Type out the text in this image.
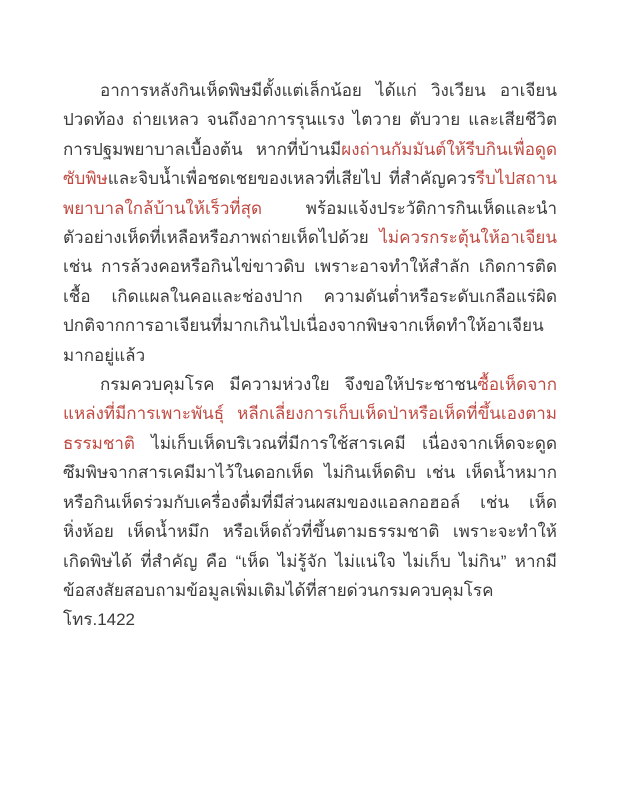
อาการหลังกินเห็ดพิษมีตั้งแต่เล็กน้อย ได้แก่ วิงเวียน อาเจียน ปวดท้อง ถ่ายเหลว จนถึงอาการรุนแรง ไตวาย ตับวาย และเสียชีวิต การปฐมพยาบาลเบื้องต้น หากที่บ้านมีผงถ่านกัมมันต์ให้รีบกินเพื่อดูดซับพิษและจิบน้ำเพื่อชดเชยของเหลวที่เสียไป ที่สำคัญควรรีบไปสถานพยาบาลใกล้บ้านให้เร็วที่สุด พร้อมแจ้งประวัติการกินเห็ดและนำตัวอย่างเห็ดที่เหลือหรือภาพถ่ายเห็ดไปด้วย ไม่ควรกระตุ้นให้อาเจียน เช่น การล้วงคอหรือกินไข่ขาวดิบ เพราะอาจทำให้สำลัก เกิดการติดเชื้อ เกิดแผลในคอและช่องปาก ความดันต่ำหรือระดับเกลือแร่ผิดปกติจากการอาเจียนที่มากเกินไปเนื่องจากพิษจากเห็ดทำให้อาเจียนมากอยู่แล้ว

กรมควบคุมโรค มีความห่วงใย จึงขอให้ประชาชนซื้อเห็ดจากแหล่งที่มีการเพาะพันธุ์ หลีกเลี่ยงการเก็บเห็ดป่าหรือเห็ดที่ขึ้นเองตามธรรมชาติ ไม่เก็บเห็ดบริเวณที่มีการใช้สารเคมี เนื่องจากเห็ดจะดูดซึมพิษจากสารเคมีมาไว้ในดอกเห็ด ไม่กินเห็ดดิบ เช่น เห็ดน้ำหมาก หรือกินเห็ดร่วมกับเครื่องดื่มที่มีส่วนผสมของแอลกอฮอล์ เช่น เห็ดหิ่งห้อย เห็ดน้ำหมึก หรือเห็ดถั่วที่ขึ้นตามธรรมชาติ เพราะจะทำให้เกิดพิษได้ ที่สำคัญ คือ “เห็ด ไม่รู้จัก ไม่แน่ใจ ไม่เก็บ ไม่กิน” หากมีข้อสงสัยสอบถามข้อมูลเพิ่มเติมได้ที่สายด่วนกรมควบคุมโรค โทร.1422
